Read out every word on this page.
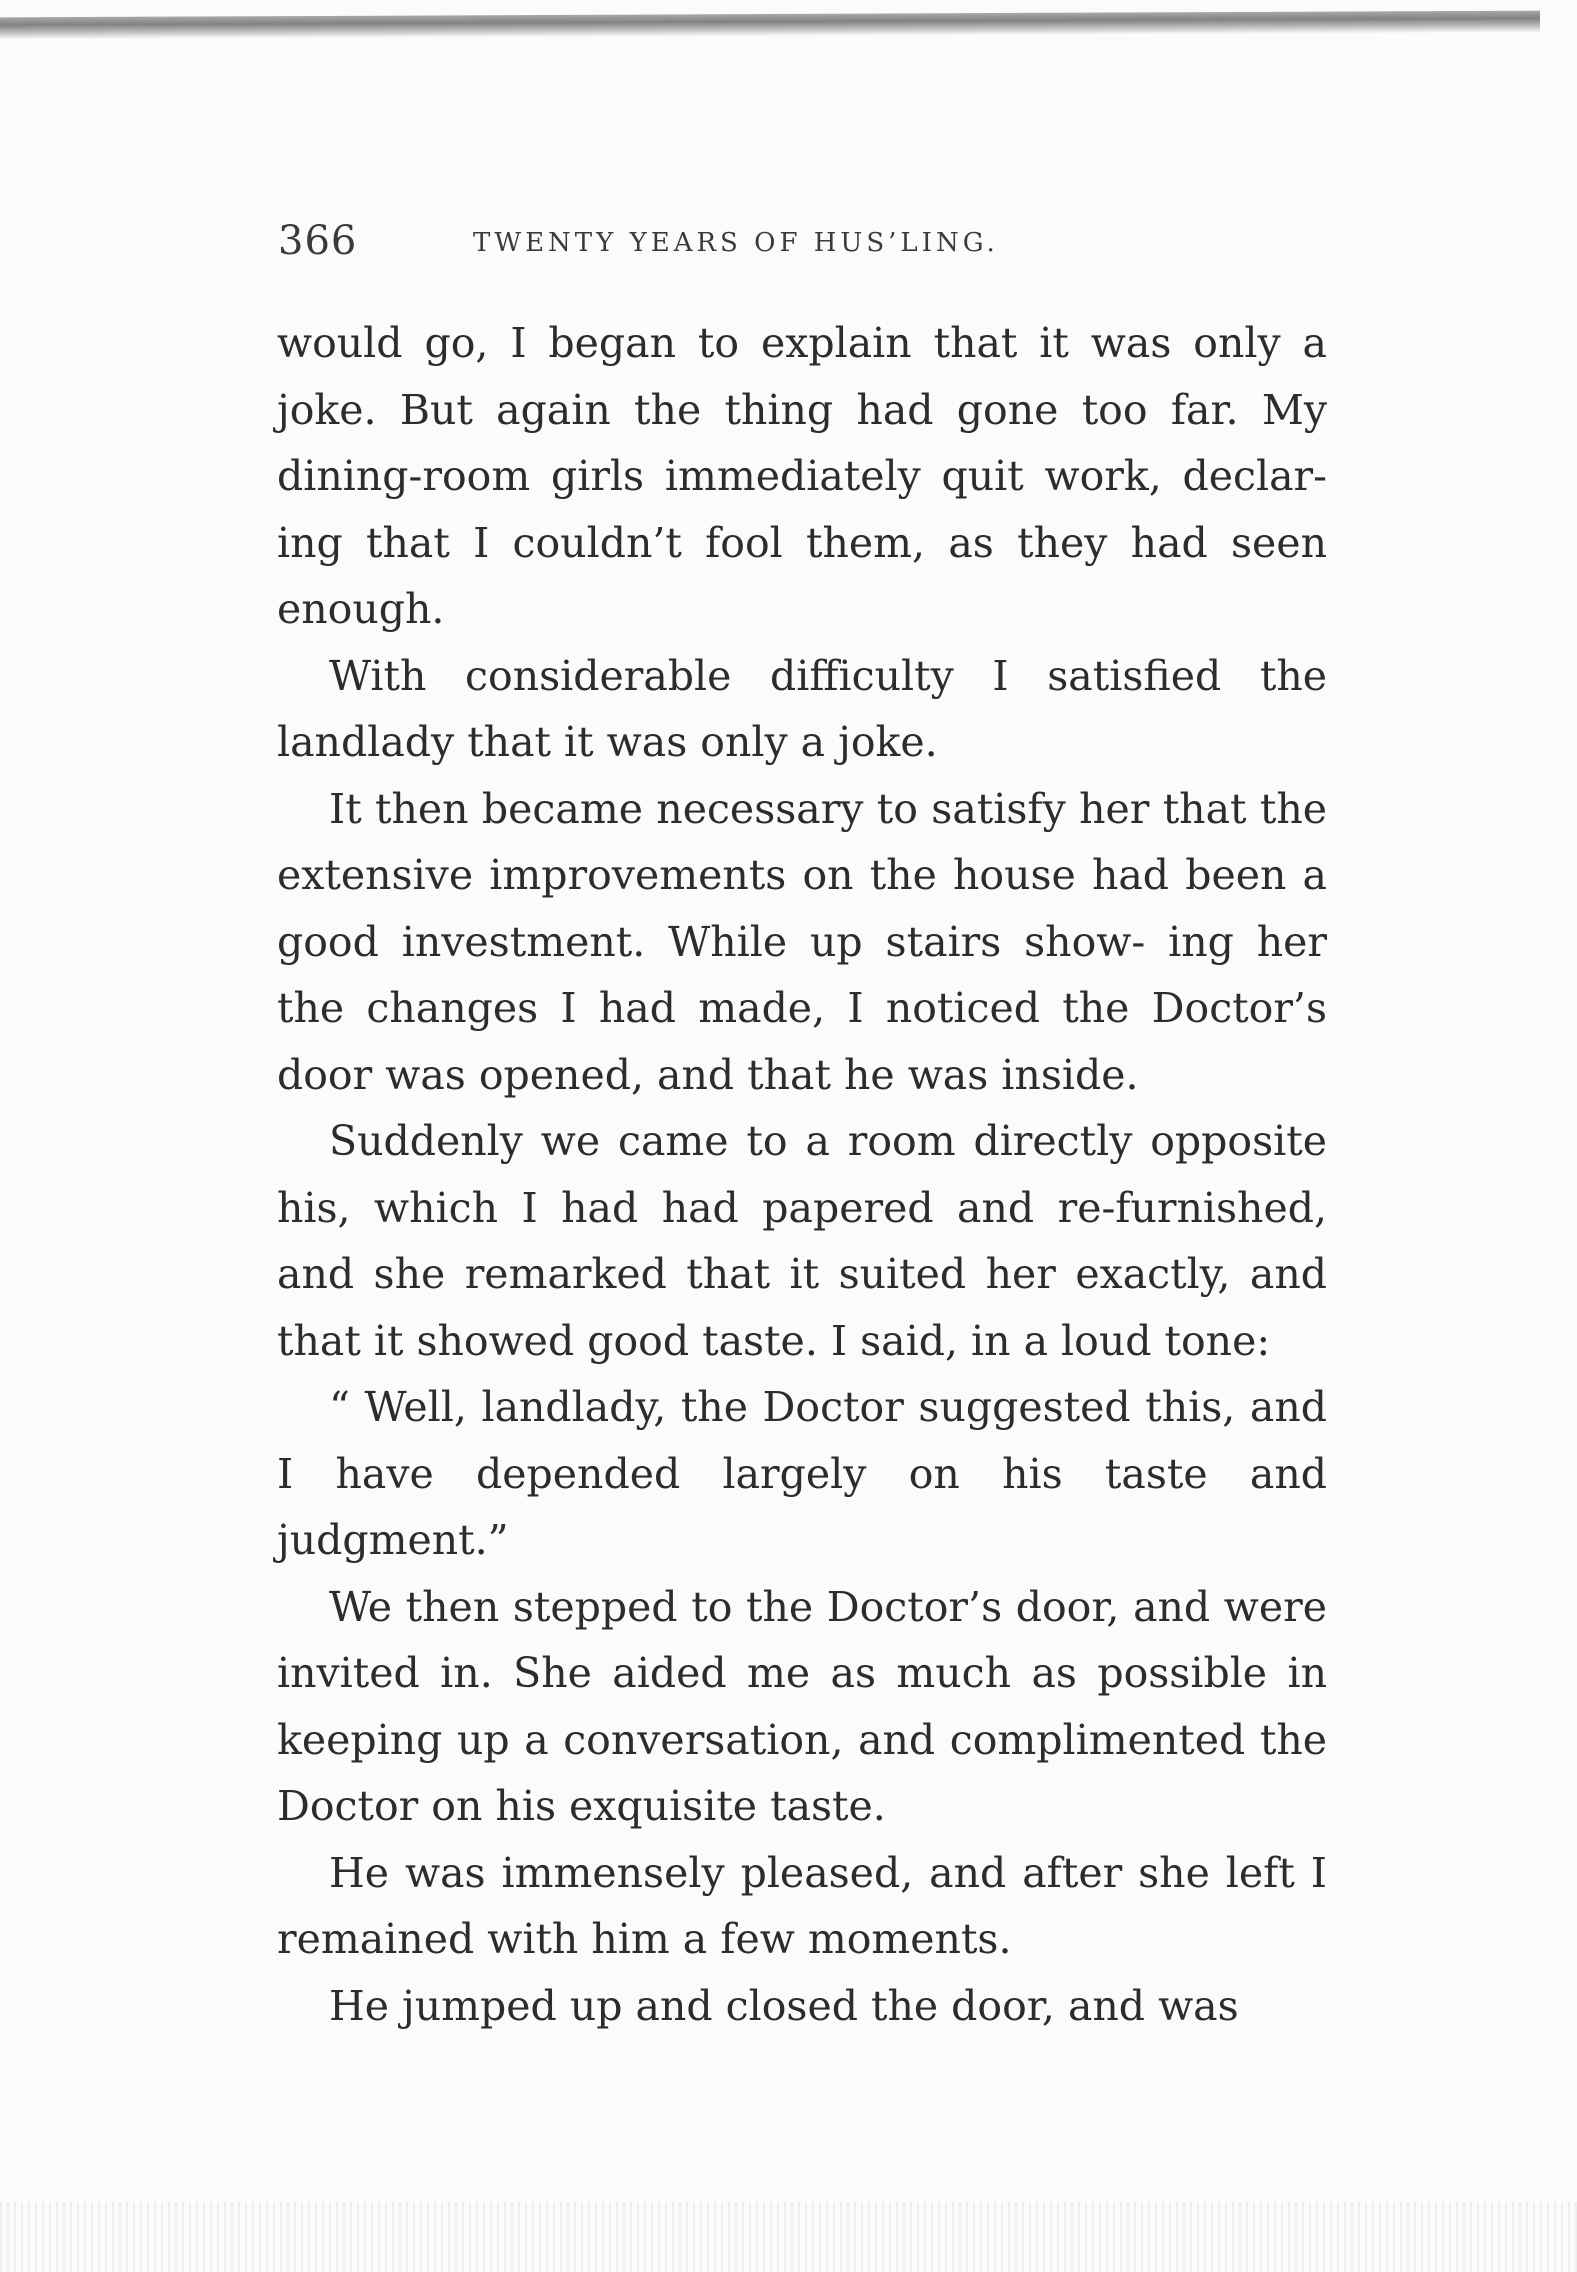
366	TWENTY YEARS OF HUS’LING.

would go, I began to explain that it was only a joke. But again the thing had gone too far. My dining-room girls immediately quit work, declar- ing that I couldn’t fool them, as they had seen enough.

With considerable difficulty I satisfied the landlady that it was only a joke.

It then became necessary to satisfy her that the extensive improvements on the house had been a good investment. While up stairs show- ing her the changes I had made, I noticed the Doctor’s door was opened, and that he was inside.

Suddenly we came to a room directly opposite his, which I had had papered and re-furnished, and she remarked that it suited her exactly, and that it showed good taste. I said, in a loud tone:

“ Well, landlady, the Doctor suggested this, and I have depended largely on his taste and judgment.”

We then stepped to the Doctor’s door, and were invited in. She aided me as much as possible in keeping up a conversation, and complimented the Doctor on his exquisite taste.

He was immensely pleased, and after she left I remained with him a few moments.

He jumped up and closed the door, and was
